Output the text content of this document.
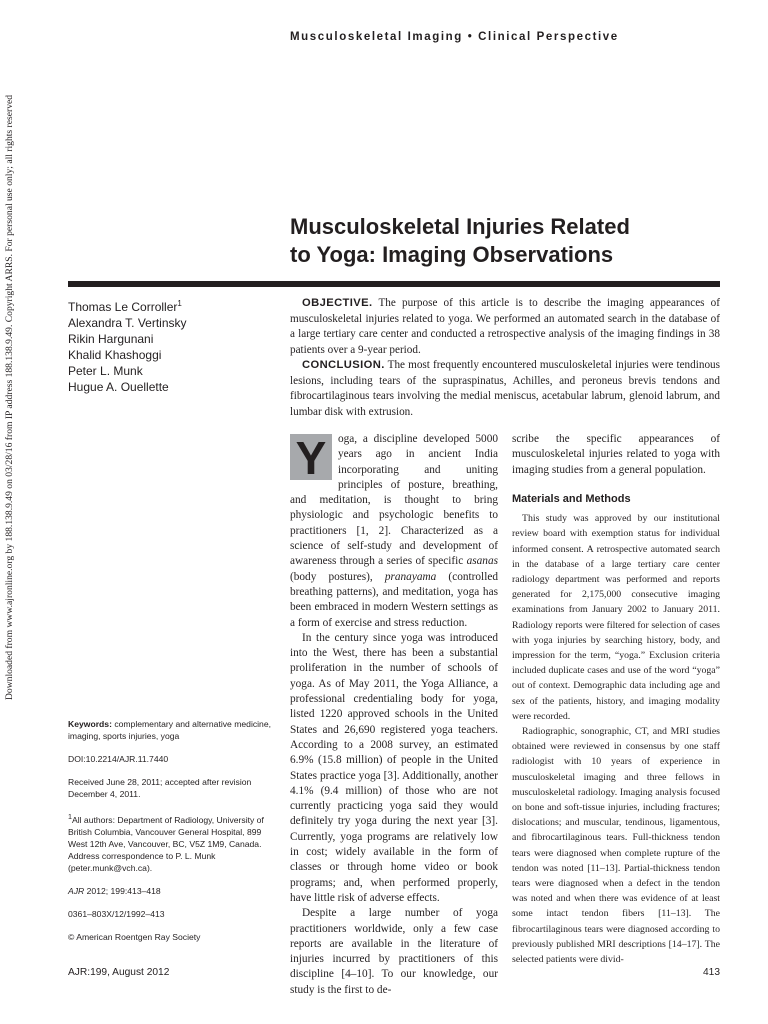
Musculoskeletal Imaging • Clinical Perspective
Downloaded from www.ajronline.org by 188.138.9.49 on 03/28/16 from IP address 188.138.9.49. Copyright ARRS. For personal use only; all rights reserved	Musculoskeletal Injuries Related
to Yoga: Imaging Observations
Thomas Le Corroller$^1$
Alexandra T. Vertinsky
Rikin Hargunani
Khalid Khashoggi
Peter L. Munk
Hugue A. Ouellette

OBJECTIVE. The purpose of this article is to describe the imaging appearances of musculoskeletal injuries related to yoga. We performed an automated search in the database of a large tertiary care center and conducted a retrospective analysis of the imaging findings in 38 patients over a 9-year period.

CONCLUSION. The most frequently encountered musculoskeletal injuries were tendinous lesions, including tears of the supraspinatus, Achilles, and peroneus brevis tendons and fibrocartilaginous tears involving the medial meniscus, acetabular labrum, glenoid labrum, and lumbar disk with extrusion.

Y	oga, a discipline developed 5000 years ago in ancient India incorporating and uniting principles of posture, breathing, and meditation, is thought to bring physiologic and psychologic benefits to practitioners [1, 2]. Characterized as a science of self-study and development of awareness through a series of specific asanas (body postures), pranayama (controlled breathing patterns), and meditation, yoga has been embraced in modern Western settings as a form of exercise and stress reduction.

In the century since yoga was introduced into the West, there has been a substantial proliferation in the number of schools of yoga. As of May 2011, the Yoga Alliance, a professional credentialing body for yoga, listed 1220 approved schools in the United States and 26,690 registered yoga teachers. According to a 2008 survey, an estimated 6.9% (15.8 million) of people in the United States practice yoga [3]. Additionally, another 4.1% (9.4 million) of those who are not currently practicing yoga said they would definitely try yoga during the next year [3]. Currently, yoga programs are relatively low in cost; widely available in the form of classes or through home video or book programs; and, when performed properly, have little risk of adverse effects.

Despite a large number of yoga practitioners worldwide, only a few case reports are available in the literature of injuries incurred by practitioners of this discipline [4–10]. To our knowledge, our study is the first to de-

scribe the specific appearances of musculoskeletal injuries related to yoga with imaging studies from a general population.

Materials and Methods

This study was approved by our institutional review board with exemption status for individual informed consent. A retrospective automated search in the database of a large tertiary care center radiology department was performed and reports generated for 2,175,000 consecutive imaging examinations from January 2002 to January 2011. Radiology reports were filtered for selection of cases with yoga injuries by searching history, body, and impression for the term, “yoga.” Exclusion criteria included duplicate cases and use of the word “yoga” out of context. Demographic data including age and sex of the patients, history, and imaging modality were recorded.

Radiographic, sonographic, CT, and MRI studies obtained were reviewed in consensus by one staff radiologist with 10 years of experience in musculoskeletal imaging and three fellows in musculoskeletal radiology. Imaging analysis focused on bone and soft-tissue injuries, including fractures; dislocations; and muscular, tendinous, ligamentous, and fibrocartilaginous tears. Full-thickness tendon tears were diagnosed when complete rupture of the tendon was noted [11–13]. Partial-thickness tendon tears were diagnosed when a defect in the tendon was noted and when there was evidence of at least some intact tendon fibers [11–13]. The fibrocartilaginous tears were diagnosed according to previously published MRI descriptions [14–17]. The selected patients were divid-

Keywords: complementary and alternative medicine, imaging, sports injuries, yoga

DOI:10.2214/AJR.11.7440

Received June 28, 2011; accepted after revision December 4, 2011.

$^1$All authors: Department of Radiology, University of British Columbia, Vancouver General Hospital, 899 West 12th Ave, Vancouver, BC, V5Z 1M9, Canada. Address correspondence to P. L. Munk (peter.munk@vch.ca).

AJR 2012; 199:413–418

0361–803X/12/1992–413

© American Roentgen Ray Society

AJR:199, August 2012	413
